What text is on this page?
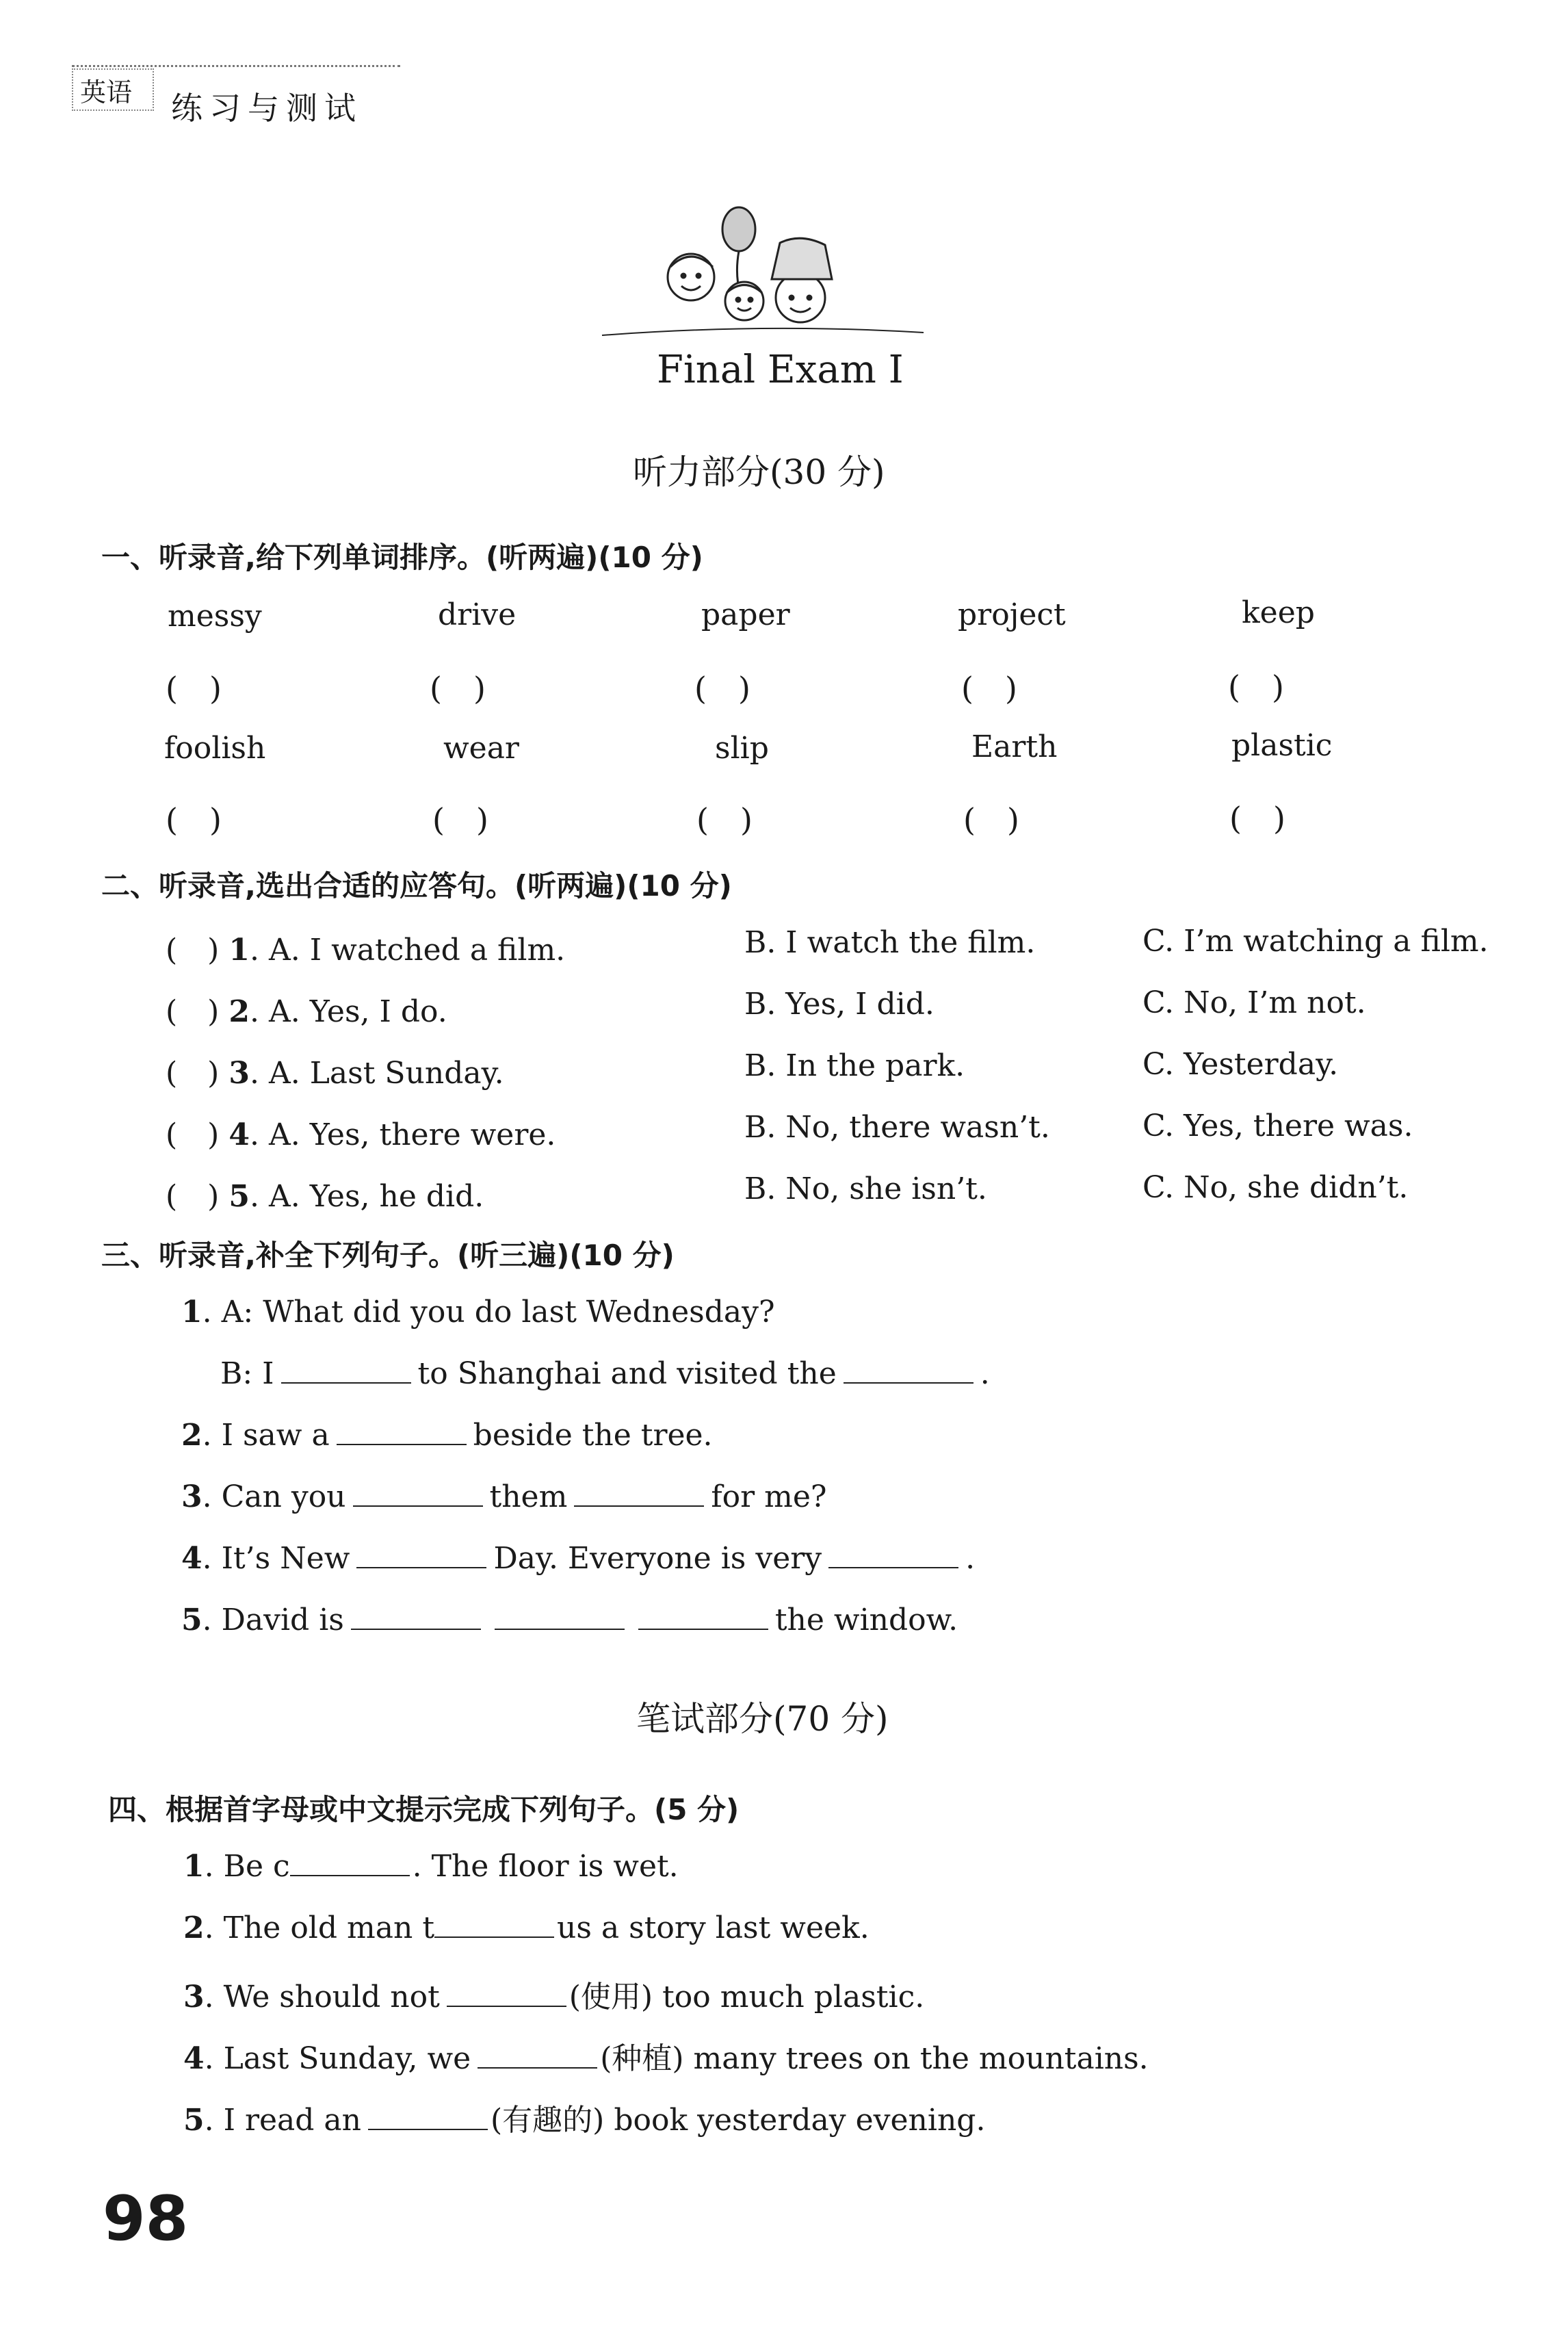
英语 练习与测试
Final Exam Ⅰ
听力部分(30 分)
一、听录音,给下列单词排序。(听两遍)(10 分)
messy	drive	paper	project	keep
(　)	(　)	(　)	(　)	(　)
foolish	wear	slip	Earth	plastic
(　)	(　)	(　)	(　)	(　)
二、听录音,选出合适的应答句。(听两遍)(10 分)
(　) 1. A. I watched a film.	B. I watch the film.	C. I’m watching a film.
(　) 2. A. Yes, I do.	B. Yes, I did.	C. No, I’m not.
(　) 3. A. Last Sunday.	B. In the park.	C. Yesterday.
(　) 4. A. Yes, there were.	B. No, there wasn’t.	C. Yes, there was.
(　) 5. A. Yes, he did.	B. No, she isn’t.	C. No, she didn’t.
三、听录音,补全下列句子。(听三遍)(10 分)
1. A: What did you do last Wednesday?
B: I	to Shanghai and visited the	.
2. I saw a	beside the tree.
3. Can you	them	for me?
4. It’s New	Day. Everyone is very	.
5. David is	the window.
笔试部分(70 分)
四、根据首字母或中文提示完成下列句子。(5 分)
1. Be c	. The floor is wet.
2. The old man t	us a story last week.
3. We should not	(使用) too much plastic.
4. Last Sunday, we	(种植) many trees on the mountains.
5. I read an	(有趣的) book yesterday evening.
98
